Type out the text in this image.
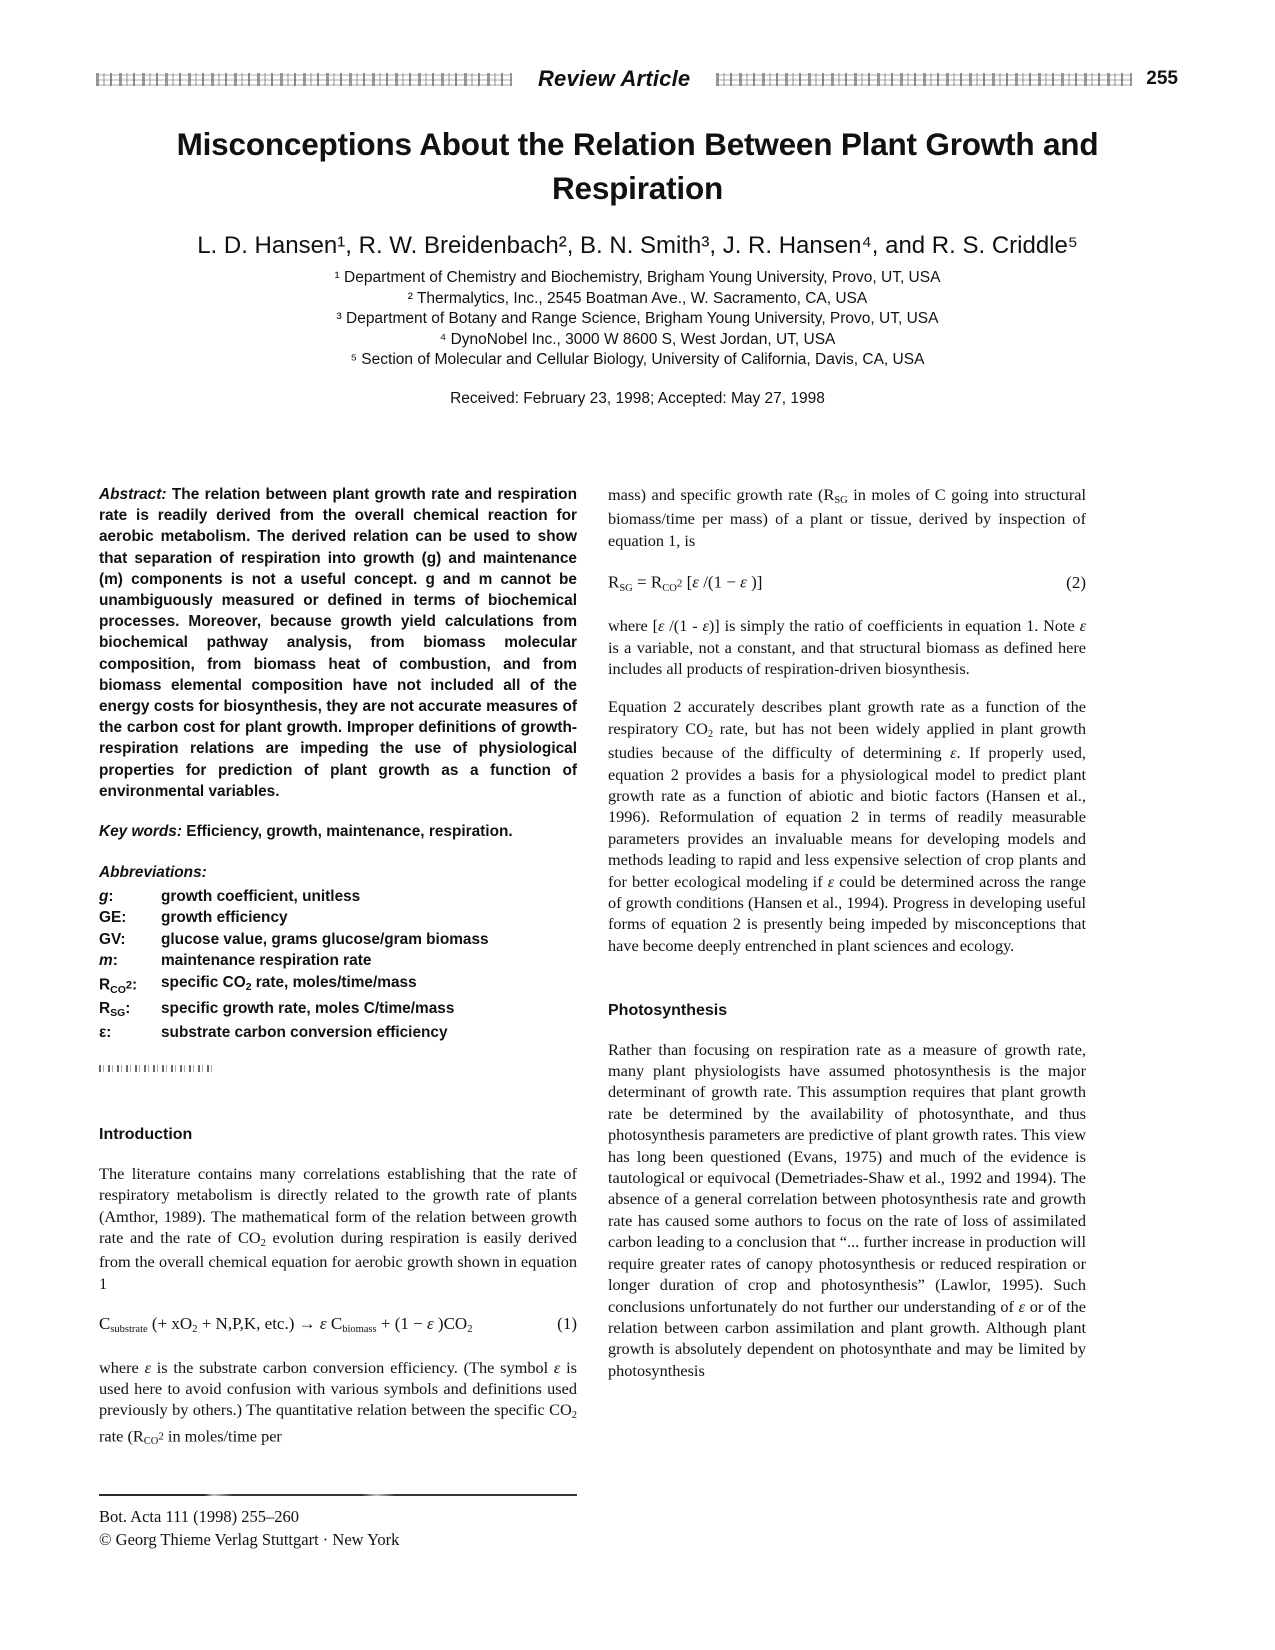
Review Article	255
Misconceptions About the Relation Between Plant Growth and Respiration
L. D. Hansen¹, R. W. Breidenbach², B. N. Smith³, J. R. Hansen⁴, and R. S. Criddle⁵
¹ Department of Chemistry and Biochemistry, Brigham Young University, Provo, UT, USA
² Thermalytics, Inc., 2545 Boatman Ave., W. Sacramento, CA, USA
³ Department of Botany and Range Science, Brigham Young University, Provo, UT, USA
⁴ DynoNobel Inc., 3000 W 8600 S, West Jordan, UT, USA
⁵ Section of Molecular and Cellular Biology, University of California, Davis, CA, USA
Received: February 23, 1998; Accepted: May 27, 1998
Abstract: The relation between plant growth rate and respiration rate is readily derived from the overall chemical reaction for aerobic metabolism. The derived relation can be used to show that separation of respiration into growth (g) and maintenance (m) components is not a useful concept. g and m cannot be unambiguously measured or defined in terms of biochemical processes. Moreover, because growth yield calculations from biochemical pathway analysis, from biomass molecular composition, from biomass heat of combustion, and from biomass elemental composition have not included all of the energy costs for biosynthesis, they are not accurate measures of the carbon cost for plant growth. Improper definitions of growth-respiration relations are impeding the use of physiological properties for prediction of plant growth as a function of environmental variables.
Key words: Efficiency, growth, maintenance, respiration.
Abbreviations:
g:	growth coefficient, unitless
GE:	growth efficiency
GV:	glucose value, grams glucose/gram biomass
m:	maintenance respiration rate
$R_{CO2}$:	specific $CO_2$ rate, moles/time/mass
$R_{SG}$:	specific growth rate, moles C/time/mass
ε:	substrate carbon conversion efficiency
Introduction

The literature contains many correlations establishing that the rate of respiratory metabolism is directly related to the growth rate of plants (Amthor, 1989). The mathematical form of the relation between growth rate and the rate of $CO_2$ evolution during respiration is easily derived from the overall chemical equation for aerobic growth shown in equation 1

$C_{substrate}$ (+ $xO_2 + N,P,K$, etc.) → ε $C_{biomass} + (1 - \varepsilon$ )$CO_2$	(1)

where ε is the substrate carbon conversion efficiency. (The symbol ε is used here to avoid confusion with various symbols and definitions used previously by others.) The quantitative relation between the specific $CO_2$ rate ($R_{CO2}$ in moles/time per

mass) and specific growth rate ($R_{SG}$ in moles of C going into structural biomass/time per mass) of a plant or tissue, derived by inspection of equation 1, is

$R_{SG} = R_{CO2}$ [ε /(1 − ε )]	(2)

where [ε /(1 - ε)] is simply the ratio of coefficients in equation 1. Note ε is a variable, not a constant, and that structural biomass as defined here includes all products of respiration-driven biosynthesis.

Equation 2 accurately describes plant growth rate as a function of the respiratory $CO_2$ rate, but has not been widely applied in plant growth studies because of the difficulty of determining ε. If properly used, equation 2 provides a basis for a physiological model to predict plant growth rate as a function of abiotic and biotic factors (Hansen et al., 1996). Reformulation of equation 2 in terms of readily measurable parameters provides an invaluable means for developing models and methods leading to rapid and less expensive selection of crop plants and for better ecological modeling if ε could be determined across the range of growth conditions (Hansen et al., 1994). Progress in developing useful forms of equation 2 is presently being impeded by misconceptions that have become deeply entrenched in plant sciences and ecology.

Photosynthesis

Rather than focusing on respiration rate as a measure of growth rate, many plant physiologists have assumed photosynthesis is the major determinant of growth rate. This assumption requires that plant growth rate be determined by the availability of photosynthate, and thus photosynthesis parameters are predictive of plant growth rates. This view has long been questioned (Evans, 1975) and much of the evidence is tautological or equivocal (Demetriades-Shaw et al., 1992 and 1994). The absence of a general correlation between photosynthesis rate and growth rate has caused some authors to focus on the rate of loss of assimilated carbon leading to a conclusion that “... further increase in production will require greater rates of canopy photosynthesis or reduced respiration or longer duration of crop and photosynthesis” (Lawlor, 1995). Such conclusions unfortunately do not further our understanding of ε or of the relation between carbon assimilation and plant growth. Although plant growth is absolutely dependent on photosynthate and may be limited by photosynthesis

Bot. Acta 111 (1998) 255–260
© Georg Thieme Verlag Stuttgart · New York
